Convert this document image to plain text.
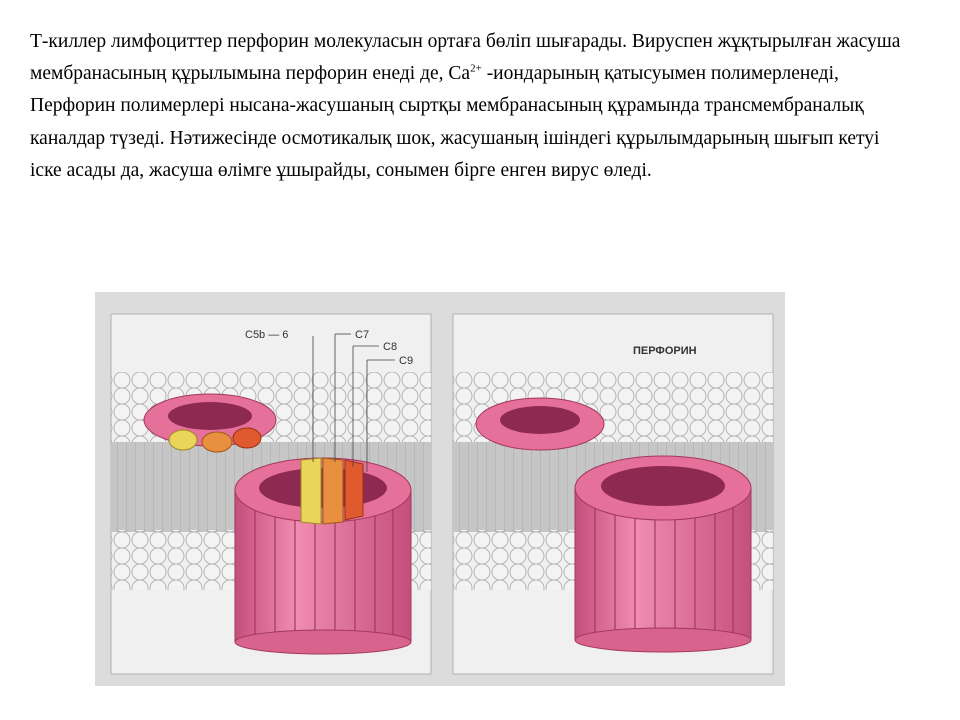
Т-киллер лимфоциттер перфорин молекуласын ортаға бөліп шығарады. Вируспен жұқтырылған жасуша мембранасының құрылымына перфорин енеді де, $Ca^{2+}$ -иондарының қатысуымен полимерленеді, Перфорин полимерлері нысана-жасушаның сыртқы мембранасының құрамында трансмембраналық каналдар түзеді. Нәтижесінде осмотикалық шок, жасушаның ішіндегі құрылымдарының шығып кетуі іске асады да, жасуша өлімге ұшырайды, сонымен бірге енген вирус өледі.

C5b — 6	C7
C8
C9
ПЕРФОРИН
